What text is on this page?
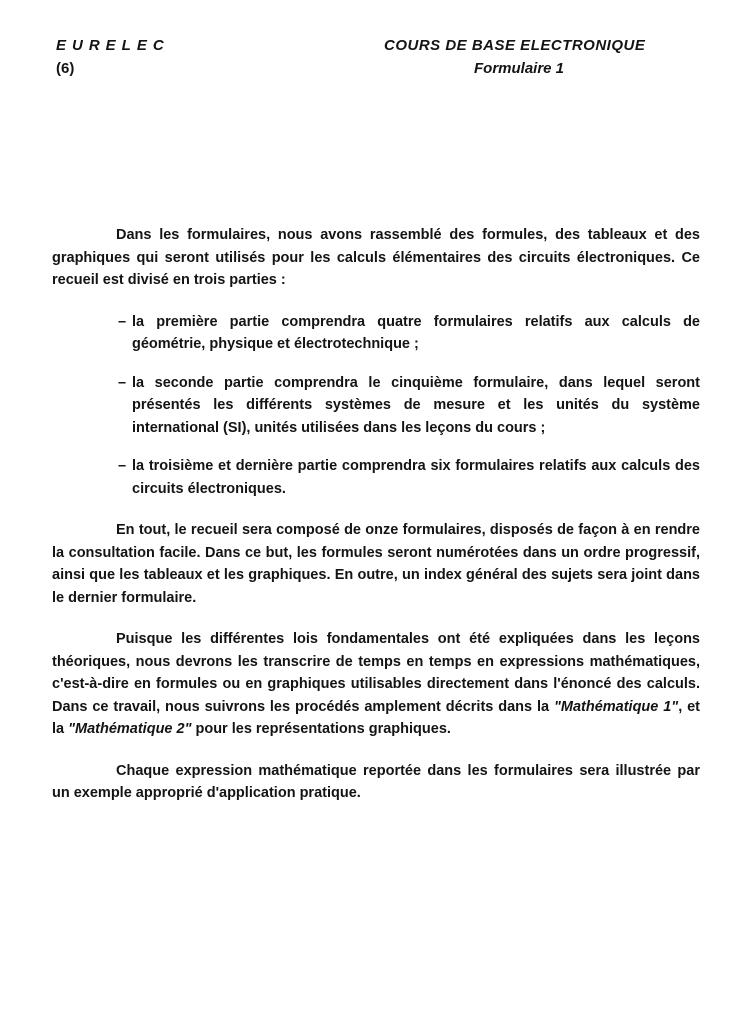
EURELEC
(6)
COURS DE BASE ELECTRONIQUE
Formulaire 1

Dans les formulaires, nous avons rassemblé des formules, des tableaux et des graphiques qui seront utilisés pour les calculs élémentaires des circuits électroniques. Ce recueil est divisé en trois parties :

– la première partie comprendra quatre formulaires relatifs aux calculs de géométrie, physique et électrotechnique ;
– la seconde partie comprendra le cinquième formulaire, dans lequel seront présentés les différents systèmes de mesure et les unités du système international (SI), unités utilisées dans les leçons du cours ;
– la troisième et dernière partie comprendra six formulaires relatifs aux calculs des circuits électroniques.

En tout, le recueil sera composé de onze formulaires, disposés de façon à en rendre la consultation facile. Dans ce but, les formules seront numérotées dans un ordre progressif, ainsi que les tableaux et les graphiques. En outre, un index général des sujets sera joint dans le dernier formulaire.

Puisque les différentes lois fondamentales ont été expliquées dans les leçons théoriques, nous devrons les transcrire de temps en temps en expressions mathématiques, c'est-à-dire en formules ou en graphiques utilisables directement dans l'énoncé des calculs. Dans ce travail, nous suivrons les procédés amplement décrits dans la "Mathématique 1", et la "Mathématique 2" pour les représentations graphiques.

Chaque expression mathématique reportée dans les formulaires sera illustrée par un exemple approprié d'application pratique.
